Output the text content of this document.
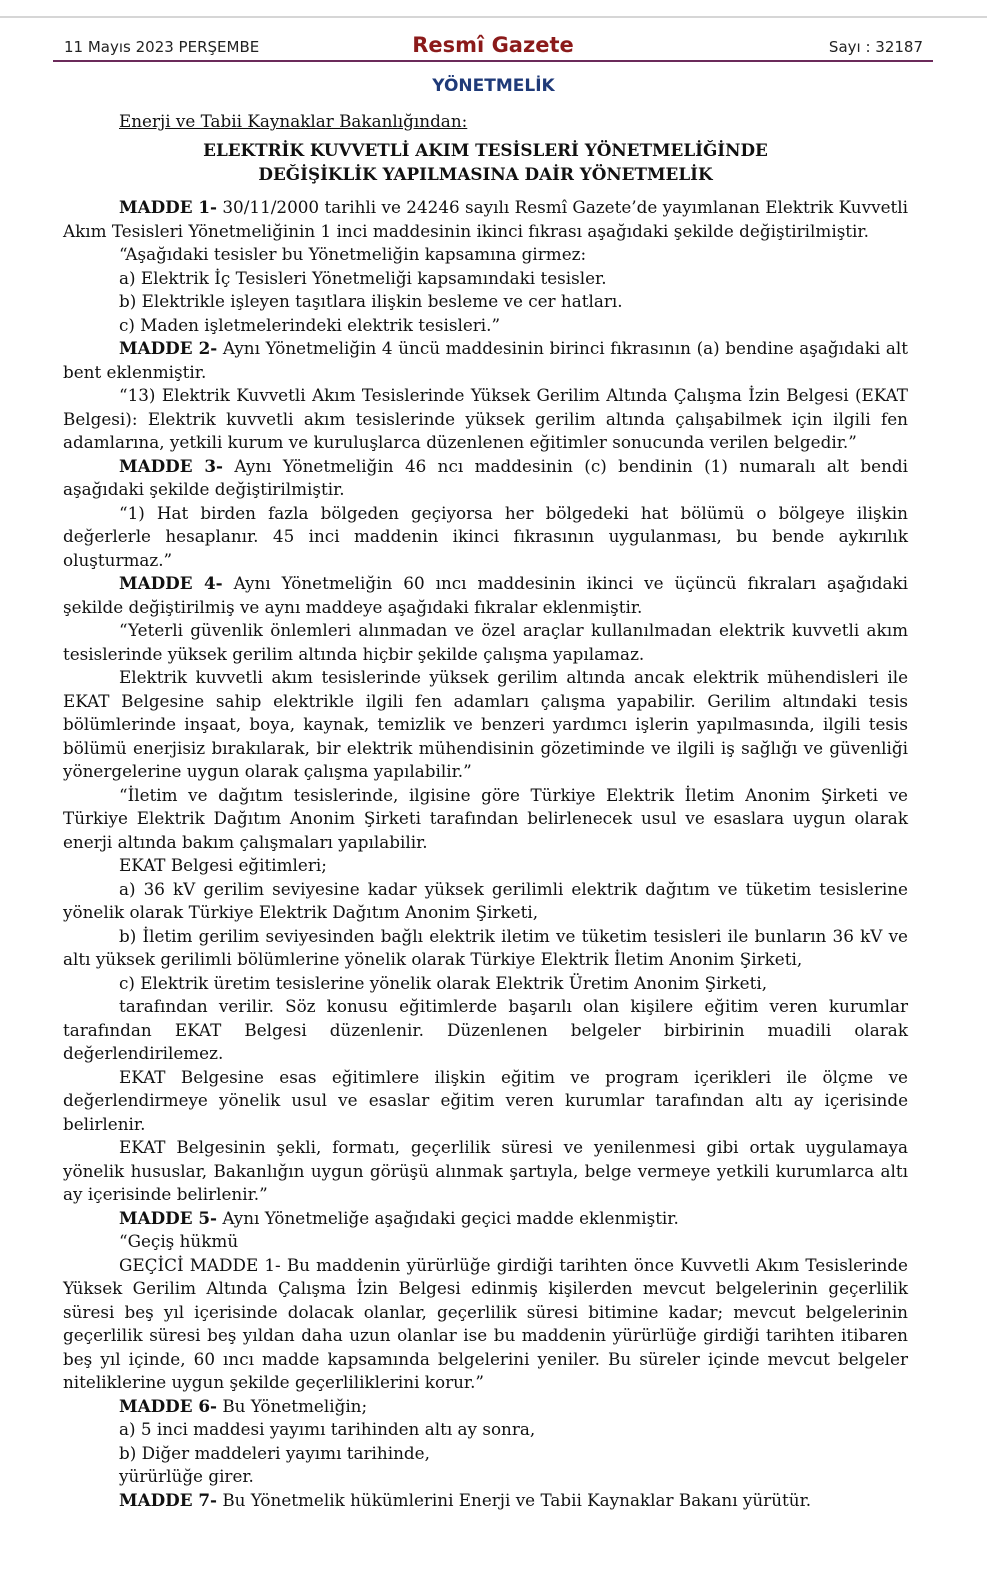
11 Mayıs 2023 PERŞEMBE	Resmî Gazete	Sayı : 32187
YÖNETMELİK
Enerji ve Tabii Kaynaklar Bakanlığından:
ELEKTRİK KUVVETLİ AKIM TESİSLERİ YÖNETMELİĞİNDE
DEĞİŞİKLİK YAPILMASINA DAİR YÖNETMELİK

MADDE 1- 30/11/2000 tarihli ve 24246 sayılı Resmî Gazete’de yayımlanan Elektrik Kuvvetli Akım Tesisleri Yönetmeliğinin 1 inci maddesinin ikinci fıkrası aşağıdaki şekilde değiştirilmiştir.

“Aşağıdaki tesisler bu Yönetmeliğin kapsamına girmez:

a) Elektrik İç Tesisleri Yönetmeliği kapsamındaki tesisler.

b) Elektrikle işleyen taşıtlara ilişkin besleme ve cer hatları.

c) Maden işletmelerindeki elektrik tesisleri.”

MADDE 2- Aynı Yönetmeliğin 4 üncü maddesinin birinci fıkrasının (a) bendine aşağıdaki alt bent eklenmiştir.

“13) Elektrik Kuvvetli Akım Tesislerinde Yüksek Gerilim Altında Çalışma İzin Belgesi (EKAT Belgesi): Elektrik kuvvetli akım tesislerinde yüksek gerilim altında çalışabilmek için ilgili fen adamlarına, yetkili kurum ve kuruluşlarca düzenlenen eğitimler sonucunda verilen belgedir.”

MADDE 3- Aynı Yönetmeliğin 46 ncı maddesinin (c) bendinin (1) numaralı alt bendi aşağıdaki şekilde değiştirilmiştir.

“1) Hat birden fazla bölgeden geçiyorsa her bölgedeki hat bölümü o bölgeye ilişkin değerlerle hesaplanır. 45 inci maddenin ikinci fıkrasının uygulanması, bu bende aykırılık oluşturmaz.”

MADDE 4- Aynı Yönetmeliğin 60 ıncı maddesinin ikinci ve üçüncü fıkraları aşağıdaki şekilde değiştirilmiş ve aynı maddeye aşağıdaki fıkralar eklenmiştir.

“Yeterli güvenlik önlemleri alınmadan ve özel araçlar kullanılmadan elektrik kuvvetli akım tesislerinde yüksek gerilim altında hiçbir şekilde çalışma yapılamaz.

Elektrik kuvvetli akım tesislerinde yüksek gerilim altında ancak elektrik mühendisleri ile EKAT Belgesine sahip elektrikle ilgili fen adamları çalışma yapabilir. Gerilim altındaki tesis bölümlerinde inşaat, boya, kaynak, temizlik ve benzeri yardımcı işlerin yapılmasında, ilgili tesis bölümü enerjisiz bırakılarak, bir elektrik mühendisinin gözetiminde ve ilgili iş sağlığı ve güvenliği yönergelerine uygun olarak çalışma yapılabilir.”

“İletim ve dağıtım tesislerinde, ilgisine göre Türkiye Elektrik İletim Anonim Şirketi ve Türkiye Elektrik Dağıtım Anonim Şirketi tarafından belirlenecek usul ve esaslara uygun olarak enerji altında bakım çalışmaları yapılabilir.

EKAT Belgesi eğitimleri;

a) 36 kV gerilim seviyesine kadar yüksek gerilimli elektrik dağıtım ve tüketim tesislerine yönelik olarak Türkiye Elektrik Dağıtım Anonim Şirketi,

b) İletim gerilim seviyesinden bağlı elektrik iletim ve tüketim tesisleri ile bunların 36 kV ve altı yüksek gerilimli bölümlerine yönelik olarak Türkiye Elektrik İletim Anonim Şirketi,

c) Elektrik üretim tesislerine yönelik olarak Elektrik Üretim Anonim Şirketi,

tarafından verilir. Söz konusu eğitimlerde başarılı olan kişilere eğitim veren kurumlar tarafından EKAT Belgesi düzenlenir. Düzenlenen belgeler birbirinin muadili olarak değerlendirilemez.

EKAT Belgesine esas eğitimlere ilişkin eğitim ve program içerikleri ile ölçme ve değerlendirmeye yönelik usul ve esaslar eğitim veren kurumlar tarafından altı ay içerisinde belirlenir.

EKAT Belgesinin şekli, formatı, geçerlilik süresi ve yenilenmesi gibi ortak uygulamaya yönelik hususlar, Bakanlığın uygun görüşü alınmak şartıyla, belge vermeye yetkili kurumlarca altı ay içerisinde belirlenir.”

MADDE 5- Aynı Yönetmeliğe aşağıdaki geçici madde eklenmiştir.

“Geçiş hükmü

GEÇİCİ MADDE 1- Bu maddenin yürürlüğe girdiği tarihten önce Kuvvetli Akım Tesislerinde Yüksek Gerilim Altında Çalışma İzin Belgesi edinmiş kişilerden mevcut belgelerinin geçerlilik süresi beş yıl içerisinde dolacak olanlar, geçerlilik süresi bitimine kadar; mevcut belgelerinin geçerlilik süresi beş yıldan daha uzun olanlar ise bu maddenin yürürlüğe girdiği tarihten itibaren beş yıl içinde, 60 ıncı madde kapsamında belgelerini yeniler. Bu süreler içinde mevcut belgeler niteliklerine uygun şekilde geçerliliklerini korur.”

MADDE 6- Bu Yönetmeliğin;

a) 5 inci maddesi yayımı tarihinden altı ay sonra,

b) Diğer maddeleri yayımı tarihinde,

yürürlüğe girer.

MADDE 7- Bu Yönetmelik hükümlerini Enerji ve Tabii Kaynaklar Bakanı yürütür.
